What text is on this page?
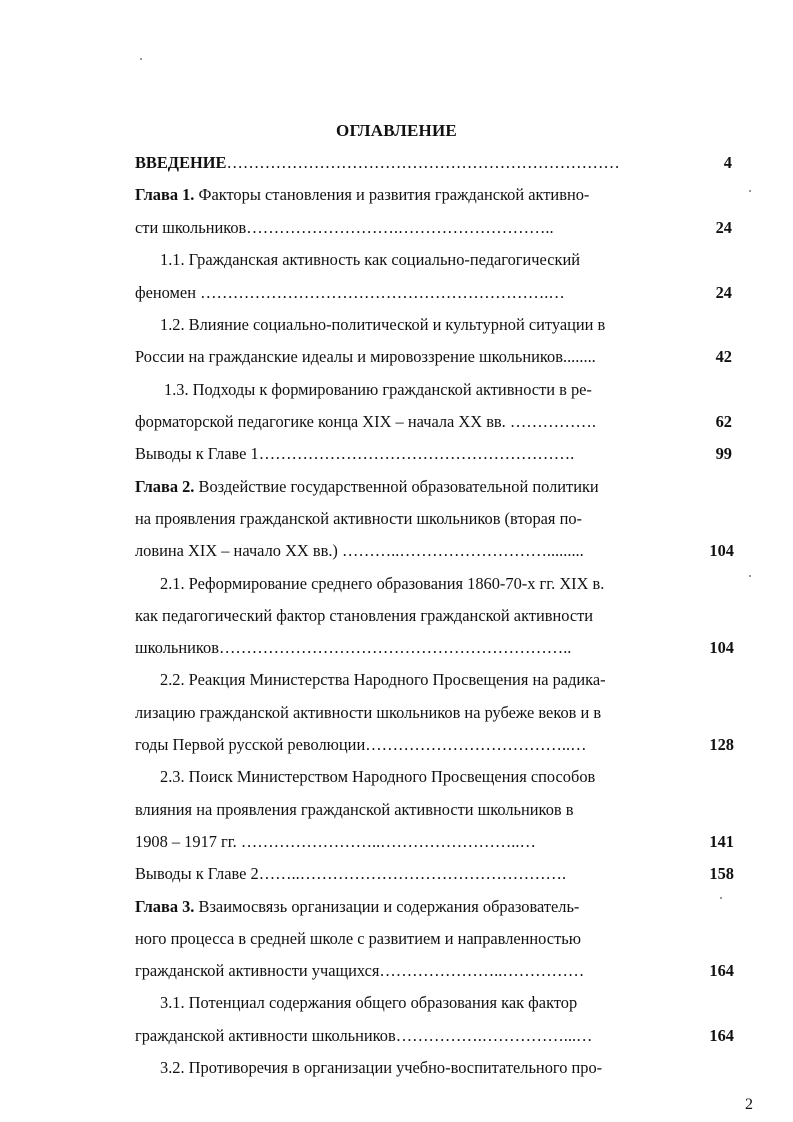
ОГЛАВЛЕНИЕ
ВВЕДЕНИЕ………………………………………………………………	4
Глава 1. Факторы становления и развития гражданской активно-
сти школьников……………………….………………………..	24
1.1. Гражданская активность как социально-педагогический
феномен ……………………………………………………….…	24
1.2. Влияние социально-политической и культурной ситуации в
России на гражданские идеалы и мировоззрение школьников........	42
1.3. Подходы к формированию гражданской активности в ре-
форматорской педагогике конца XIX – начала XX вв. …………….	62
Выводы к Главе 1………………………………………………….	99
Глава 2. Воздействие государственной образовательной политики
на проявления гражданской активности школьников (вторая по-
ловина XIX – начало XX вв.) ………..……………………….........	104
2.1. Реформирование среднего образования 1860-70-х гг. XIX в.
как педагогический фактор становления гражданской активности
школьников………………………………………………………..	104
2.2. Реакция Министерства Народного Просвещения на радика-
лизацию гражданской активности школьников на рубеже веков и в
годы Первой русской революции………………………………..…	128
2.3. Поиск Министерством Народного Просвещения способов
влияния на проявления гражданской активности школьников в
1908 – 1917 гг. ……………………..……………………..…	141
Выводы к Главе 2……..………………………………………….	158
Глава 3. Взаимосвязь организации и содержания образователь-
ного процесса в средней школе с развитием и направленностью
гражданской активности учащихся…………………..……………	164
3.1. Потенциал содержания общего образования как фактор
гражданской активности школьников…………….……………...…	164
3.2. Противоречия в организации учебно-воспитательного про-
2
